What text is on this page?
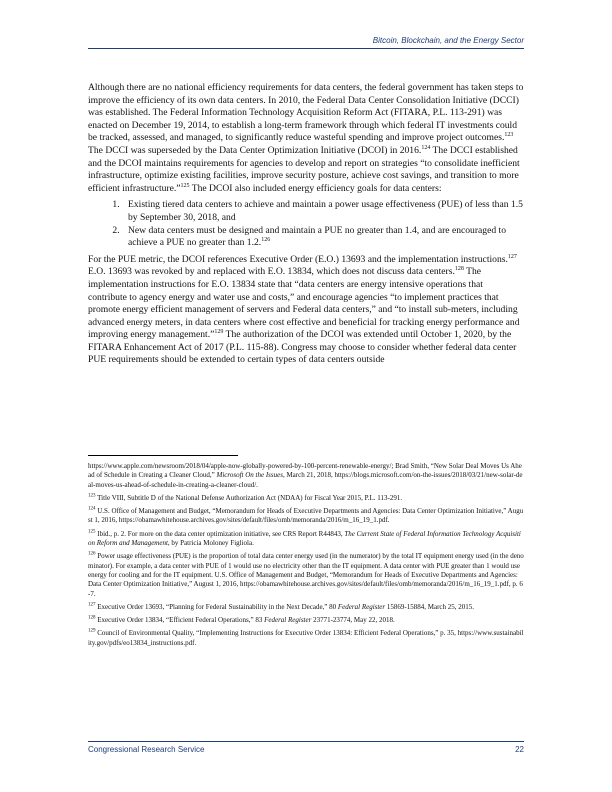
Bitcoin, Blockchain, and the Energy Sector

Although there are no national efficiency requirements for data centers, the federal government has taken steps to improve the efficiency of its own data centers. In 2010, the Federal Data Center Consolidation Initiative (DCCI) was established. The Federal Information Technology Acquisition Reform Act (FITARA, P.L. 113-291) was enacted on December 19, 2014, to establish a long-term framework through which federal IT investments could be tracked, assessed, and managed, to significantly reduce wasteful spending and improve project outcomes.$^{123}$ The DCCI was superseded by the Data Center Optimization Initiative (DCOI) in 2016.$^{124}$ The DCCI established and the DCOI maintains requirements for agencies to develop and report on strategies “to consolidate inefficient infrastructure, optimize existing facilities, improve security posture, achieve cost savings, and transition to more efficient infrastructure.”$^{125}$ The DCOI also included energy efficiency goals for data centers:

1. Existing tiered data centers to achieve and maintain a power usage effectiveness (PUE) of less than 1.5 by September 30, 2018, and
2. New data centers must be designed and maintain a PUE no greater than 1.4, and are encouraged to achieve a PUE no greater than 1.2.$^{126}$

For the PUE metric, the DCOI references Executive Order (E.O.) 13693 and the implementation instructions.$^{127}$ E.O. 13693 was revoked by and replaced with E.O. 13834, which does not discuss data centers.$^{128}$ The implementation instructions for E.O. 13834 state that “data centers are energy intensive operations that contribute to agency energy and water use and costs,” and encourage agencies “to implement practices that promote energy efficient management of servers and Federal data centers,” and “to install sub-meters, including advanced energy meters, in data centers where cost effective and beneficial for tracking energy performance and improving energy management.”$^{129}$ The authorization of the DCOI was extended until October 1, 2020, by the FITARA Enhancement Act of 2017 (P.L. 115-88). Congress may choose to consider whether federal data center PUE requirements should be extended to certain types of data centers outside

https://www.apple.com/newsroom/2018/04/apple-now-globally-powered-by-100-percent-renewable-energy/; Brad Smith, “New Solar Deal Moves Us Ahead of Schedule in Creating a Cleaner Cloud,” Microsoft On the Issues, March 21, 2018, https://blogs.microsoft.com/on-the-issues/2018/03/21/new-solar-deal-moves-us-ahead-of-schedule-in-creating-a-cleaner-cloud/.

$^{123}$ Title VIII, Subtitle D of the National Defense Authorization Act (NDAA) for Fiscal Year 2015, P.L. 113-291.

$^{124}$ U.S. Office of Management and Budget, “Memorandum for Heads of Executive Departments and Agencies: Data Center Optimization Initiative,” August 1, 2016, https://obamawhitehouse.archives.gov/sites/default/files/omb/memoranda/2016/m_16_19_1.pdf.

$^{125}$ Ibid., p. 2. For more on the data center optimization initiative, see CRS Report R44843, The Current State of Federal Information Technology Acquisition Reform and Management, by Patricia Moloney Figliola.

$^{126}$ Power usage effectiveness (PUE) is the proportion of total data center energy used (in the numerator) by the total IT equipment energy used (in the denominator). For example, a data center with PUE of 1 would use no electricity other than the IT equipment. A data center with PUE greater than 1 would use energy for cooling and for the IT equipment. U.S. Office of Management and Budget, “Memorandum for Heads of Executive Departments and Agencies: Data Center Optimization Initiative,” August 1, 2016, https://obamawhitehouse.archives.gov/sites/default/files/omb/memoranda/2016/m_16_19_1.pdf, p. 6-7.

$^{127}$ Executive Order 13693, “Planning for Federal Sustainability in the Next Decade,” 80 Federal Register 15869-15884, March 25, 2015.

$^{128}$ Executive Order 13834, “Efficient Federal Operations,” 83 Federal Register 23771-23774, May 22, 2018.

$^{129}$ Council of Environmental Quality, “Implementing Instructions for Executive Order 13834: Efficient Federal Operations,” p. 35, https://www.sustainability.gov/pdfs/eo13834_instructions.pdf.

Congressional Research Service	22
